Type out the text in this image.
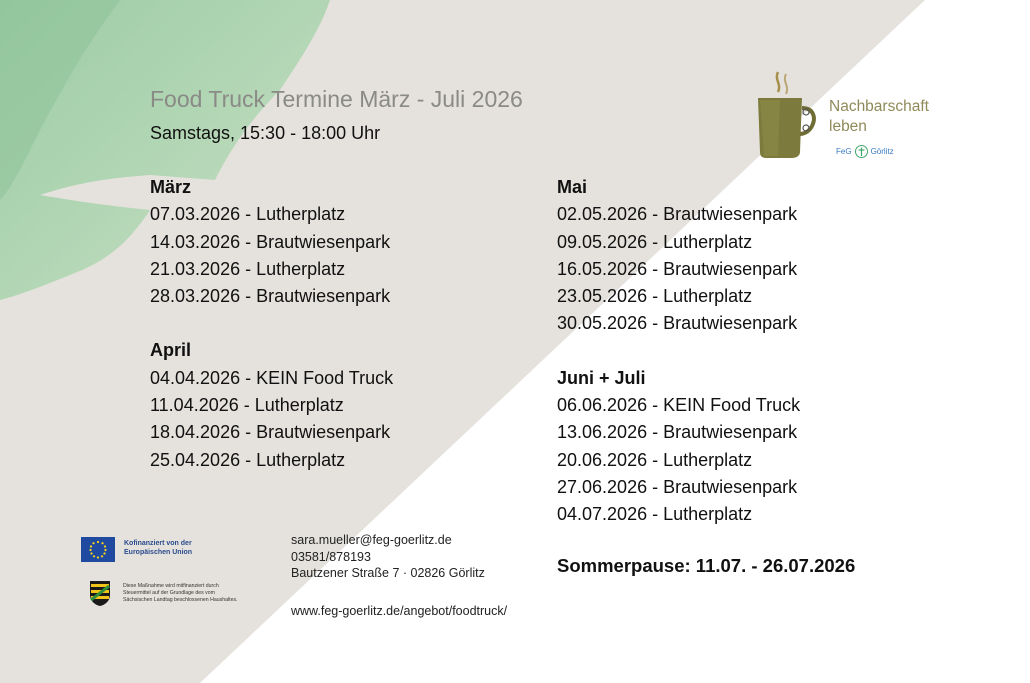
Nachbarschaft
leben
FeG Görlitz
Food Truck Termine März - Juli 2026
Samstags, 15:30 - 18:00 Uhr
März
07.03.2026 - Lutherplatz
14.03.2026 - Brautwiesenpark
21.03.2026 - Lutherplatz
28.03.2026 - Brautwiesenpark
April
04.04.2026 - KEIN Food Truck
11.04.2026 - Lutherplatz
18.04.2026 - Brautwiesenpark
25.04.2026 - Lutherplatz
Mai
02.05.2026 - Brautwiesenpark
09.05.2026 - Lutherplatz
16.05.2026 - Brautwiesenpark
23.05.2026 - Lutherplatz
30.05.2026 - Brautwiesenpark
Juni + Juli
06.06.2026 - KEIN Food Truck
13.06.2026 - Brautwiesenpark
20.06.2026 - Lutherplatz
27.06.2026 - Brautwiesenpark
04.07.2026 - Lutherplatz
Sommerpause: 11.07. - 26.07.2026
sara.mueller@feg-goerlitz.de
03581/878193
Bautzener Straße 7 · 02826 Görlitz
www.feg-goerlitz.de/angebot/foodtruck/
Kofinanziert von der
Europäischen Union
Diese Maßnahme wird mitfinanziert durch
Steuermittel auf der Grundlage des vom
Sächsischen Landtag beschlossenen Haushaltes.
